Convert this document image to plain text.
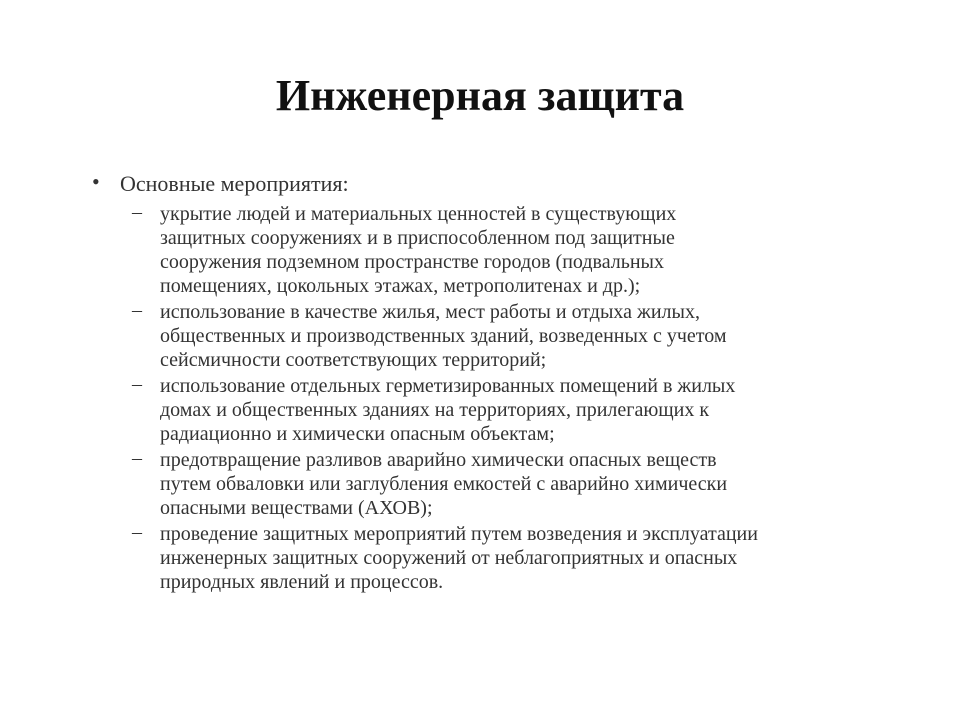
Инженерная защита
• Основные мероприятия:
– укрытие людей и материальных ценностей в существующих
защитных сооружениях и в приспособленном под защитные
сооружения подземном пространстве городов (подвальных
помещениях, цокольных этажах, метрополитенах и др.);
– использование в качестве жилья, мест работы и отдыха жилых,
общественных и производственных зданий, возведенных с учетом
сейсмичности соответствующих территорий;
– использование отдельных герметизированных помещений в жилых
домах и общественных зданиях на территориях, прилегающих к
радиационно и химически опасным объектам;
– предотвращение разливов аварийно химически опасных веществ
путем обваловки или заглубления емкостей с аварийно химически
опасными веществами (АХОВ);
– проведение защитных мероприятий путем возведения и эксплуатации
инженерных защитных сооружений от неблагоприятных и опасных
природных явлений и процессов.
